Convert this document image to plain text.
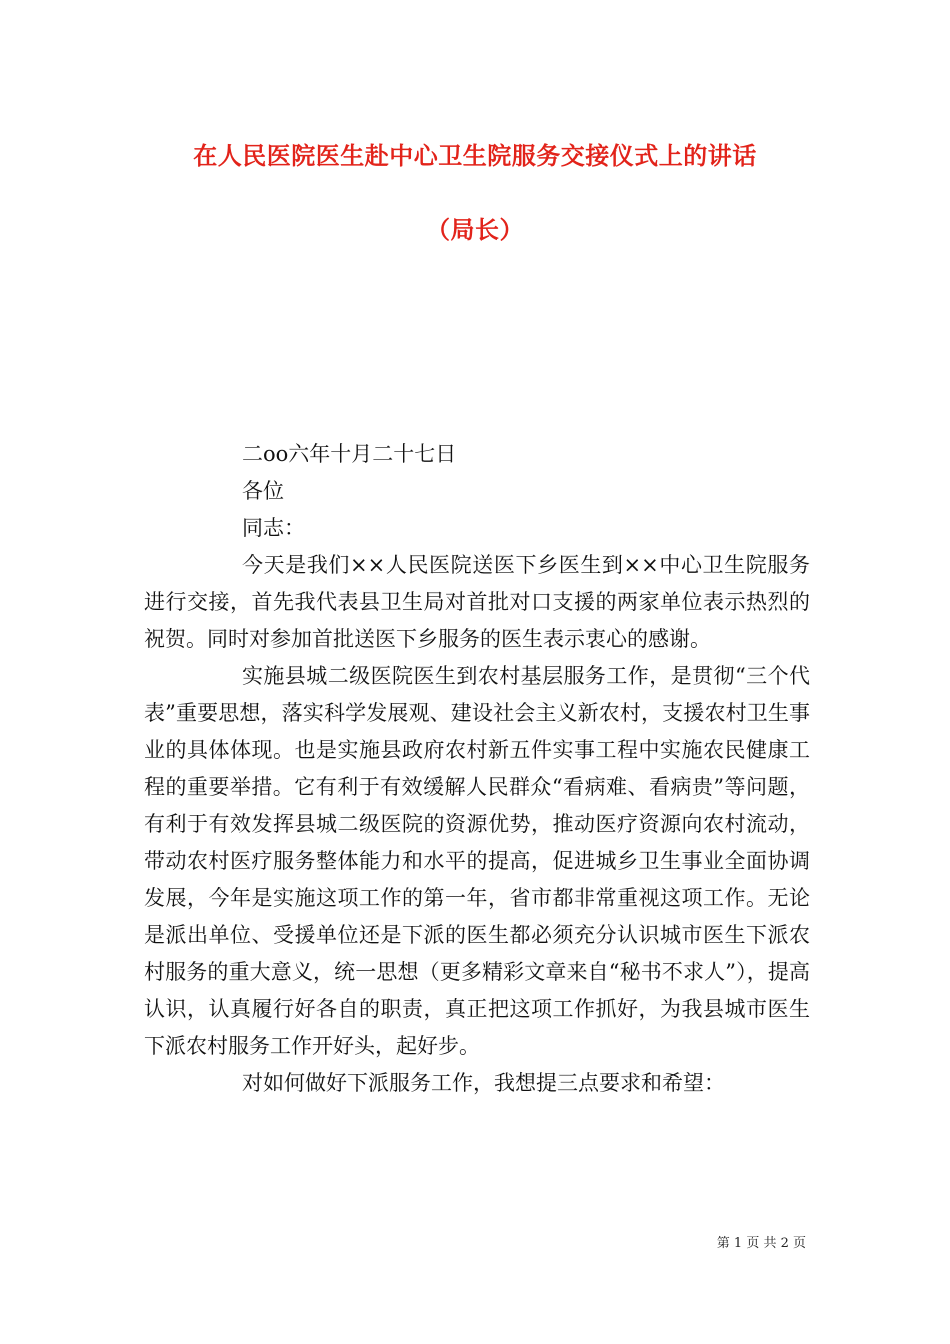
在人民医院医生赴中心卫生院服务交接仪式上的讲话
（局长）
二oo六年十月二十七日
各位
同志：

今天是我们××人民医院送医下乡医生到××中心卫生院服务进行交接，首先我代表县卫生局对首批对口支援的两家单位表示热烈的祝贺。同时对参加首批送医下乡服务的医生表示衷心的感谢。

实施县城二级医院医生到农村基层服务工作，是贯彻“三个代表”重要思想，落实科学发展观、建设社会主义新农村，支援农村卫生事业的具体体现。也是实施县政府农村新五件实事工程中实施农民健康工程的重要举措。它有利于有效缓解人民群众“看病难、看病贵”等问题，有利于有效发挥县城二级医院的资源优势，推动医疗资源向农村流动，带动农村医疗服务整体能力和水平的提高，促进城乡卫生事业全面协调发展，今年是实施这项工作的第一年，省市都非常重视这项工作。无论是派出单位、受援单位还是下派的医生都必须充分认识城市医生下派农村服务的重大意义，统一思想（更多精彩文章来自“秘书不求人”），提高认识，认真履行好各自的职责，真正把这项工作抓好，为我县城市医生下派农村服务工作开好头，起好步。

对如何做好下派服务工作，我想提三点要求和希望：

第 1 页 共 2 页
